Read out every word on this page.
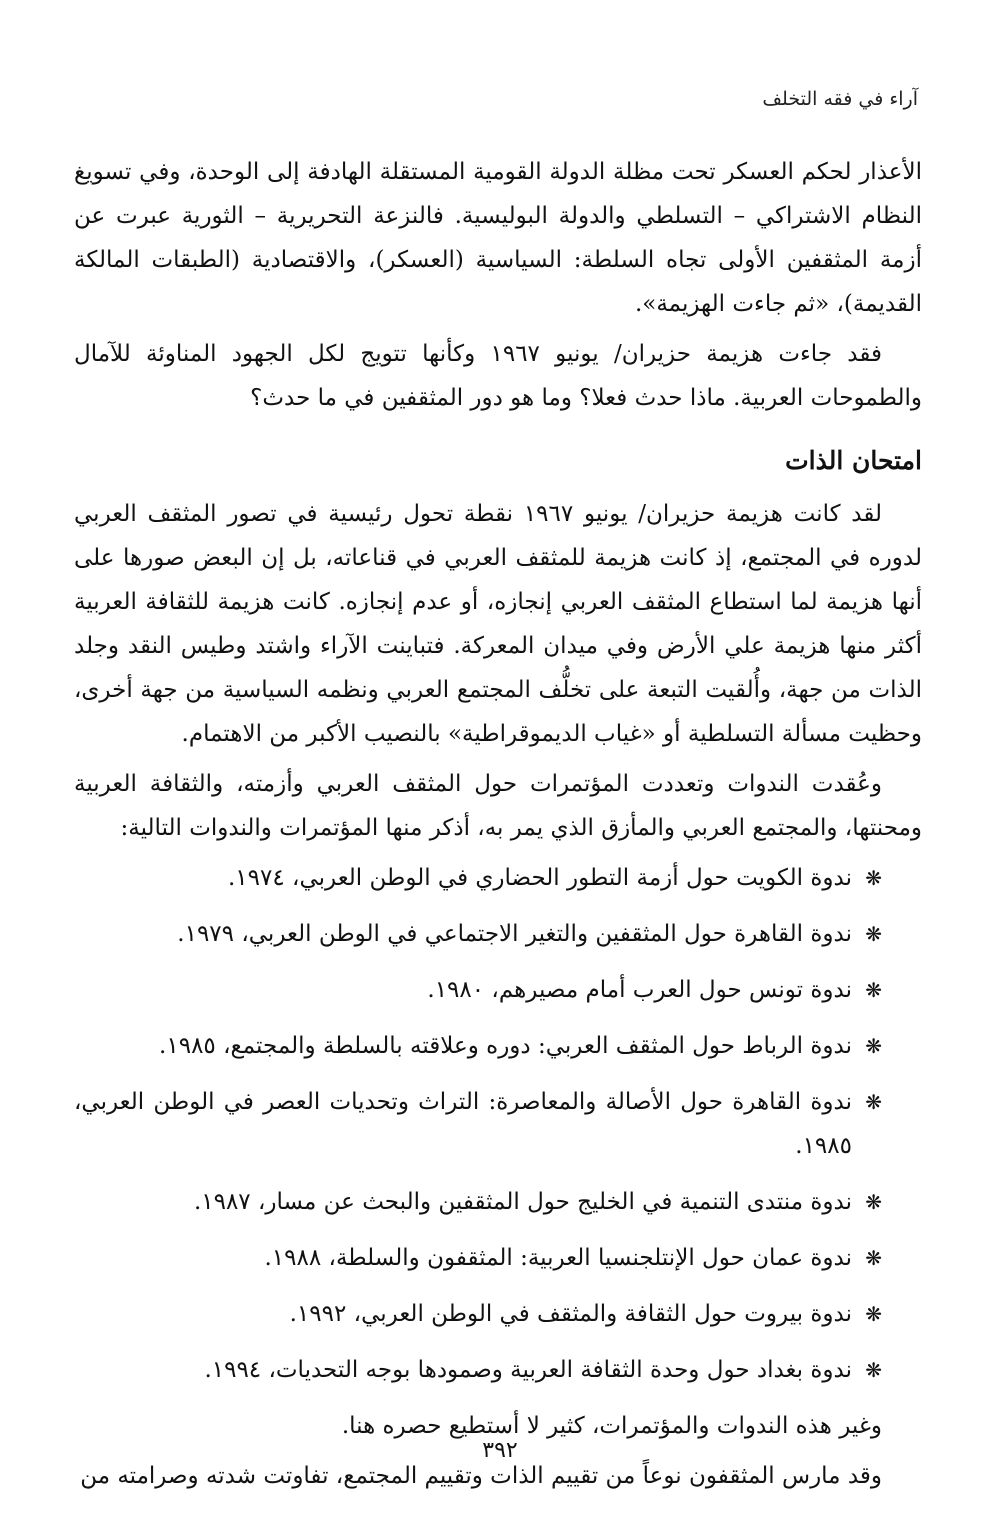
آراء في فقه التخلف

الأعذار لحكم العسكر تحت مظلة الدولة القومية المستقلة الهادفة إلى الوحدة، وفي تسويغ النظام الاشتراكي – التسلطي والدولة البوليسية. فالنزعة التحريرية – الثورية عبرت عن أزمة المثقفين الأولى تجاه السلطة: السياسية (العسكر)، والاقتصادية (الطبقات المالكة القديمة)، «ثم جاءت الهزيمة».

فقد جاءت هزيمة حزيران/ يونيو ١٩٦٧ وكأنها تتويج لكل الجهود المناوئة للآمال والطموحات العربية. ماذا حدث فعلا؟ وما هو دور المثقفين في ما حدث؟

امتحان الذات

لقد كانت هزيمة حزيران/ يونيو ١٩٦٧ نقطة تحول رئيسية في تصور المثقف العربي لدوره في المجتمع، إذ كانت هزيمة للمثقف العربي في قناعاته، بل إن البعض صورها على أنها هزيمة لما استطاع المثقف العربي إنجازه، أو عدم إنجازه. كانت هزيمة للثقافة العربية أكثر منها هزيمة علي الأرض وفي ميدان المعركة. فتباينت الآراء واشتد وطيس النقد وجلد الذات من جهة، وأُلقيت التبعة على تخلُّف المجتمع العربي ونظمه السياسية من جهة أخرى، وحظيت مسألة التسلطية أو «غياب الديموقراطية» بالنصيب الأكبر من الاهتمام.

وعُقدت الندوات وتعددت المؤتمرات حول المثقف العربي وأزمته، والثقافة العربية ومحنتها، والمجتمع العربي والمأزق الذي يمر به، أذكر منها المؤتمرات والندوات التالية:

❋
ندوة الكويت حول أزمة التطور الحضاري في الوطن العربي، ١٩٧٤.
❋
ندوة القاهرة حول المثقفين والتغير الاجتماعي في الوطن العربي، ١٩٧٩.
❋
ندوة تونس حول العرب أمام مصيرهم، ١٩٨٠.
❋
ندوة الرباط حول المثقف العربي: دوره وعلاقته بالسلطة والمجتمع، ١٩٨٥.
❋
ندوة القاهرة حول الأصالة والمعاصرة: التراث وتحديات العصر في الوطن العربي، ١٩٨٥.
❋
ندوة منتدى التنمية في الخليج حول المثقفين والبحث عن مسار، ١٩٨٧.
❋
ندوة عمان حول الإنتلجنسيا العربية: المثقفون والسلطة، ١٩٨٨.
❋
ندوة بيروت حول الثقافة والمثقف في الوطن العربي، ١٩٩٢.
❋
ندوة بغداد حول وحدة الثقافة العربية وصمودها بوجه التحديات، ١٩٩٤.

وغير هذه الندوات والمؤتمرات، كثير لا أستطيع حصره هنا.

وقد مارس المثقفون نوعاً من تقييم الذات وتقييم المجتمع، تفاوتت شدته وصرامته من

٣٩٢
